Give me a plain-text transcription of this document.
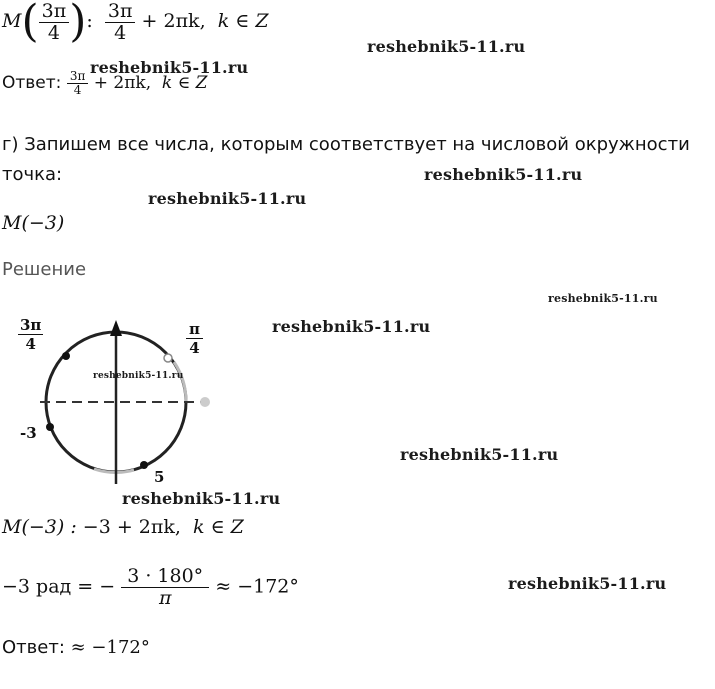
$M( \frac{3\pi}{4}$ ): $\frac{3\pi}{4} + 2\pi k$, k ∈ Z
Ответ: $\frac{3\pi}{4} + 2\pi k$, k ∈ Z
г) Запишем все числа, которым соответствует на числовой окружности
точка:
M(−3)
Решение
$\frac{3\pi}{4}$	$\frac{\pi}{4}$
-3
5
M(−3) : −3 + 2πk, k ∈ Z
−3 рад = − $\frac{3 \cdot 180^\circ}{\pi} \approx -172^\circ$
Ответ: ≈ −172°
reshebnik5-11.ru
reshebnik5-11.ru
reshebnik5-11.ru
reshebnik5-11.ru
reshebnik5-11.ru
reshebnik5-11.ru
reshebnik5-11.ru
reshebnik5-11.ru
reshebnik5-11.ru
reshebnik5-11.ru
